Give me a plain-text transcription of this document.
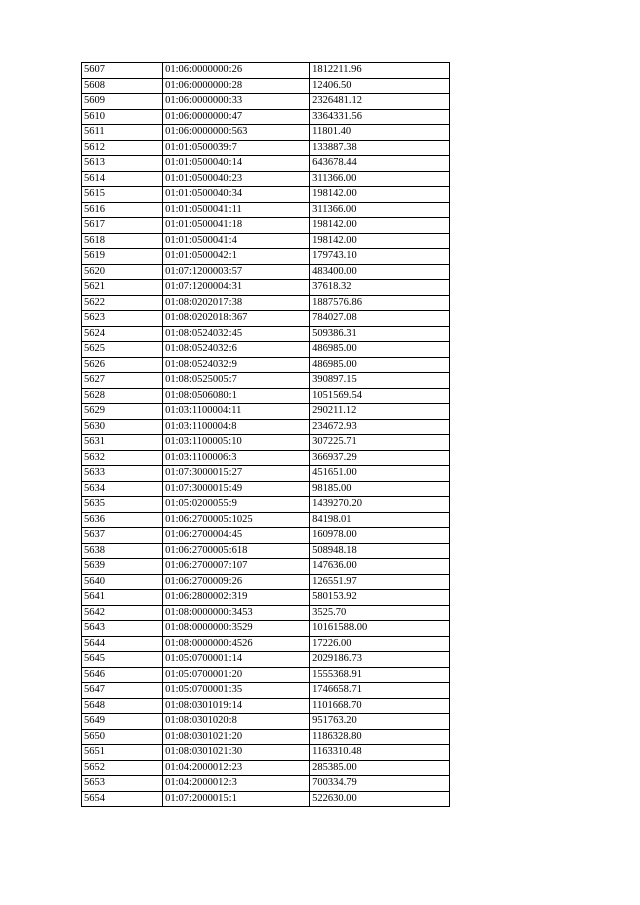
5607	01:06:0000000:26	1812211.96
5608	01:06:0000000:28	12406.50
5609	01:06:0000000:33	2326481.12
5610	01:06:0000000:47	3364331.56
5611	01:06:0000000:563	11801.40
5612	01:01:0500039:7	133887.38
5613	01:01:0500040:14	643678.44
5614	01:01:0500040:23	311366.00
5615	01:01:0500040:34	198142.00
5616	01:01:0500041:11	311366.00
5617	01:01:0500041:18	198142.00
5618	01:01:0500041:4	198142.00
5619	01:01:0500042:1	179743.10
5620	01:07:1200003:57	483400.00
5621	01:07:1200004:31	37618.32
5622	01:08:0202017:38	1887576.86
5623	01:08:0202018:367	784027.08
5624	01:08:0524032:45	509386.31
5625	01:08:0524032:6	486985.00
5626	01:08:0524032:9	486985.00
5627	01:08:0525005:7	390897.15
5628	01:08:0506080:1	1051569.54
5629	01:03:1100004:11	290211.12
5630	01:03:1100004:8	234672.93
5631	01:03:1100005:10	307225.71
5632	01:03:1100006:3	366937.29
5633	01:07:3000015:27	451651.00
5634	01:07:3000015:49	98185.00
5635	01:05:0200055:9	1439270.20
5636	01:06:2700005:1025	84198.01
5637	01:06:2700004:45	160978.00
5638	01:06:2700005:618	508948.18
5639	01:06:2700007:107	147636.00
5640	01:06:2700009:26	126551.97
5641	01:06:2800002:319	580153.92
5642	01:08:0000000:3453	3525.70
5643	01:08:0000000:3529	10161588.00
5644	01:08:0000000:4526	17226.00
5645	01:05:0700001:14	2029186.73
5646	01:05:0700001:20	1555368.91
5647	01:05:0700001:35	1746658.71
5648	01:08:0301019:14	1101668.70
5649	01:08:0301020:8	951763.20
5650	01:08:0301021:20	1186328.80
5651	01:08:0301021:30	1163310.48
5652	01:04:2000012:23	285385.00
5653	01:04:2000012:3	700334.79
5654	01:07:2000015:1	522630.00
